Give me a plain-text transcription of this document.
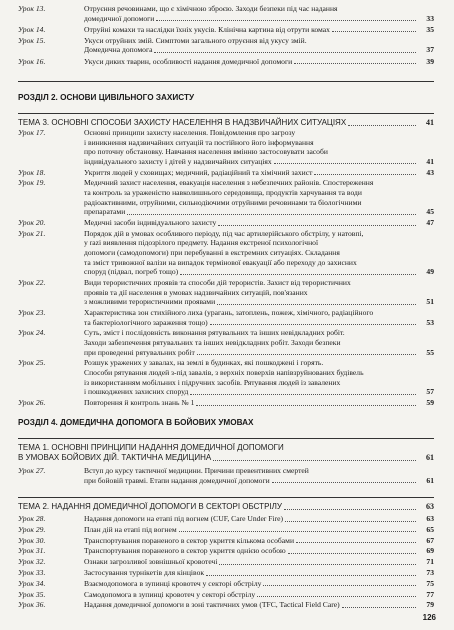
Урок 13.	Отруєння речовинами, що є хімічною зброєю. Заходи безпеки під час надання
домедичної допомоги	33
Урок 14.	Отруйні комахи та наслідки їхніх укусів. Клінічна картина від отрути комах	35
Урок 15.	Укуси отруйних змій. Симптоми загального отруєння від укусу змій.
Домедична допомога	37
Урок 16.	Укуси диких тварин, особливості надання домедичної допомоги	39
РОЗДІЛ 2. ОСНОВИ ЦИВІЛЬНОГО ЗАХИСТУ
ТЕМА 3. ОСНОВНІ СПОСОБИ ЗАХИСТУ НАСЕЛЕННЯ В НАДЗВИЧАЙНИХ СИТУАЦІЯХ	41
Урок 17.	Основні принципи захисту населення. Повідомлення про загрозу
і виникнення надзвичайних ситуацій та постійного його інформування
про поточну обстановку. Навчання населення вмінню застосовувати засоби
індивідуального захисту і дітей у надзвичайних ситуаціях	41
Урок 18.	Укриття людей у сховищах; медичний, радіаційний та хімічний захист	43
Урок 19.	Медичний захист населення, евакуація населення з небезпечних районів. Спостереження
та контроль за ураженістю навколишнього середовища, продуктів харчування та води
радіоактивними, отруйними, сильнодіючими отруйними речовинами та біологічними
препаратами	45
Урок 20.	Медичні засоби індивідуального захисту	47
Урок 21.	Порядок дій в умовах особливого періоду, під час артилерійського обстрілу, у натовпі,
у razі виявлення підозрілого предмету. Надання екстреної психологічної
допомоги (самодопомоги) при перебуванні в екстремних ситуаціях. Складання
та зміст тривожної валізи на випадок термінової евакуації або переходу до захисних
споруд (підвал, погреб тощо)	49
Урок 22.	Види терористичних проявів та способи дій терористів. Захист від терористичних
проявів та дії населення в умовах надзвичайних ситуацій, пов'язаних
з можливими терористичними проявами	51
Урок 23.	Характеристика зон стихійного лиха (урагань, затоплень, пожеж, хімічного, радіаційного
та бактеріологічного зараження тощо)	53
Урок 24.	Суть, зміст і послідовність виконання рятувальних та інших невідкладних робіт.
Заходи забезпечення рятувальних та інших невідкладних робіт. Заходи безпеки
при проведенні рятувальних робіт	55
Урок 25.	Розшук уражених у завалах, на землі в будинках, які пошкоджені і горять.
Способи рятування людей з-під завалів, з верхніх поверхів напівзруйнованих будівель
із використанням мобільних і підручних засобів. Рятування людей із завалених
і пошкоджених захисних споруд	57
Урок 26.	Повторення й контроль знань № 1	59
РОЗДІЛ 4. ДОМЕДИЧНА ДОПОМОГА В БОЙОВИХ УМОВАХ
ТЕМА 1. ОСНОВНІ ПРИНЦИПИ НАДАННЯ ДОМЕДИЧНОЇ ДОПОМОГИ
В УМОВАХ БОЙОВИХ ДІЙ. ТАКТИЧНА МЕДИЦИНА	61
Урок 27.	Вступ до курсу тактичної медицини. Причини превентивних смертей
при бойовій травмі. Етапи надання домедичної допомоги	61
ТЕМА 2. НАДАННЯ ДОМЕДИЧНОЇ ДОПОМОГИ В СЕКТОРІ ОБСТРІЛУ	63
Урок 28.	Надання допомоги на етапі під вогнем (CUF, Care Under Fire)	63
Урок 29.	План дій на етапі під вогнем	65
Урок 30.	Транспортування пораненого в сектор укриття кількома особами	67
Урок 31.	Транспортування пораненого в сектор укриття однією особою	69
Урок 32.	Ознаки загрозливої зовнішньої кровотечі	71
Урок 33.	Застосування турнікетів для кінцівок	73
Урок 34.	Взаємодопомога в зупинці кровотеч у секторі обстрілу	75
Урок 35.	Самодопомога в зупинці кровотеч у секторі обстрілу	77
Урок 36.	Надання домедичної допомоги в зоні тактичних умов (TFC, Tactical Field Care)	79
126
